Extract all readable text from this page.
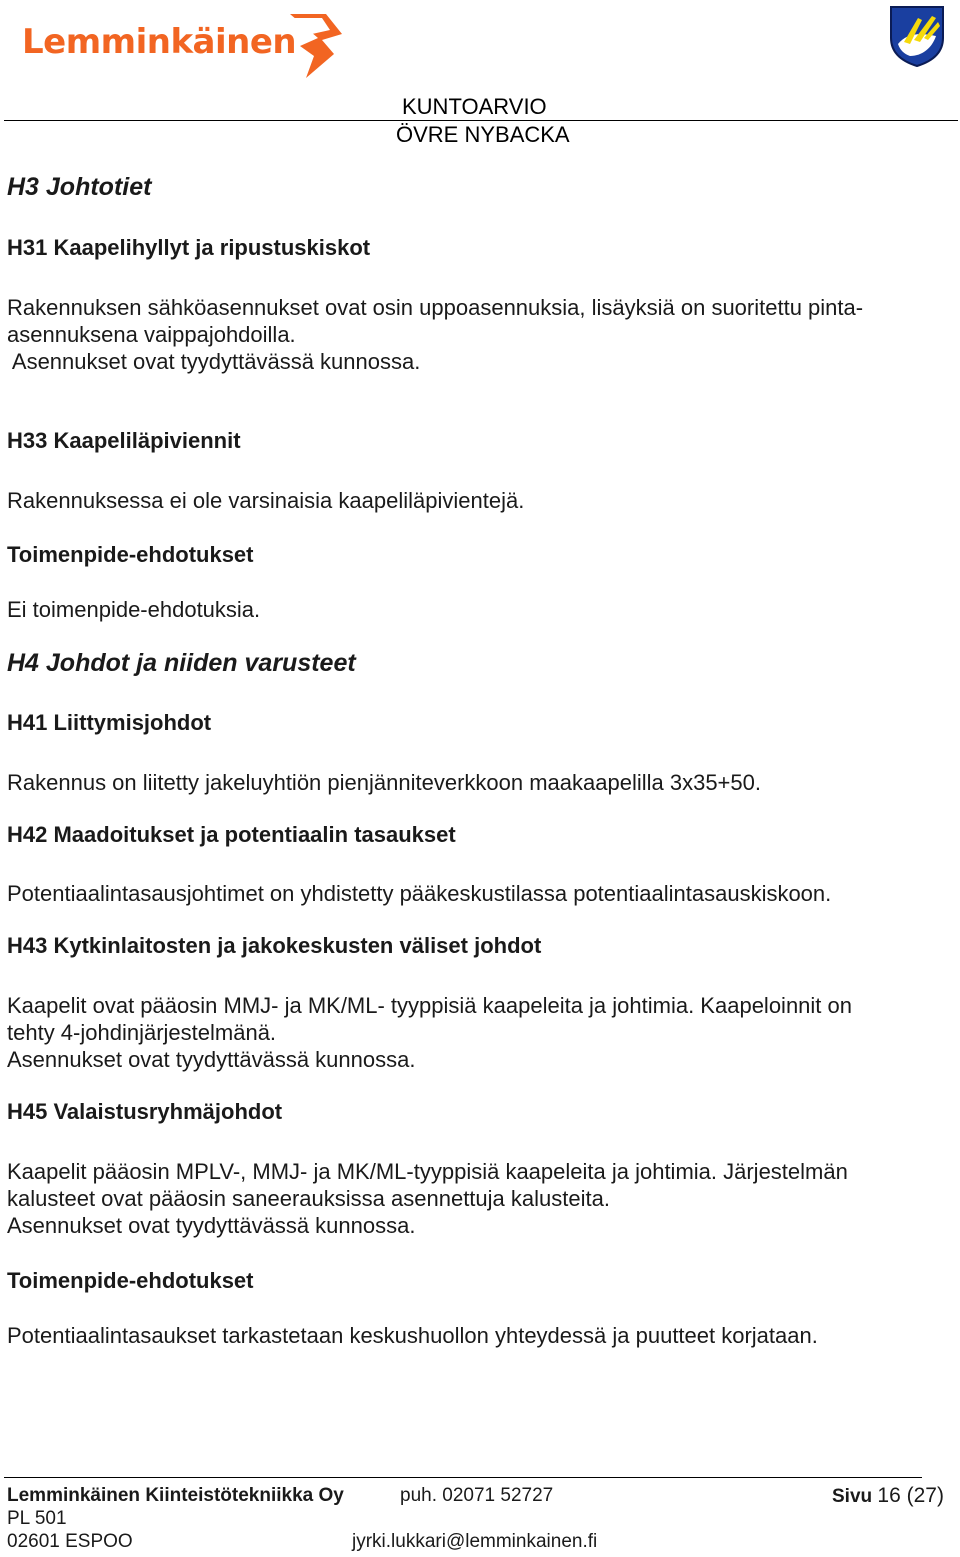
Lemminkäinen
KUNTOARVIO
ÖVRE NYBACKA
H3 Johtotiet
H31 Kaapelihyllyt ja ripustuskiskot
Rakennuksen sähköasennukset ovat osin uppoasennuksia, lisäyksiä on suoritettu pinta-
asennuksena vaippajohdoilla.
Asennukset ovat tyydyttävässä kunnossa.
H33 Kaapeliläpiviennit
Rakennuksessa ei ole varsinaisia kaapeliläpivientejä.
Toimenpide-ehdotukset
Ei toimenpide-ehdotuksia.
H4 Johdot ja niiden varusteet
H41 Liittymisjohdot
Rakennus on liitetty jakeluyhtiön pienjänniteverkkoon maakaapelilla 3x35+50.
H42 Maadoitukset ja potentiaalin tasaukset
Potentiaalintasausjohtimet on yhdistetty pääkeskustilassa potentiaalintasauskiskoon.
H43 Kytkinlaitosten ja jakokeskusten väliset johdot
Kaapelit ovat pääosin MMJ- ja MK/ML- tyyppisiä kaapeleita ja johtimia. Kaapeloinnit on
tehty 4-johdinjärjestelmänä.
Asennukset ovat tyydyttävässä kunnossa.
H45 Valaistusryhmäjohdot
Kaapelit pääosin MPLV-, MMJ- ja MK/ML-tyyppisiä kaapeleita ja johtimia. Järjestelmän
kalusteet ovat pääosin saneerauksissa asennettuja kalusteita.
Asennukset ovat tyydyttävässä kunnossa.
Toimenpide-ehdotukset
Potentiaalintasaukset tarkastetaan keskushuollon yhteydessä ja puutteet korjataan.
Lemminkäinen Kiinteistötekniikka Oy	puh. 02071 52727	Sivu 16 (27)
PL 501
02601 ESPOO	jyrki.lukkari@lemminkainen.fi
